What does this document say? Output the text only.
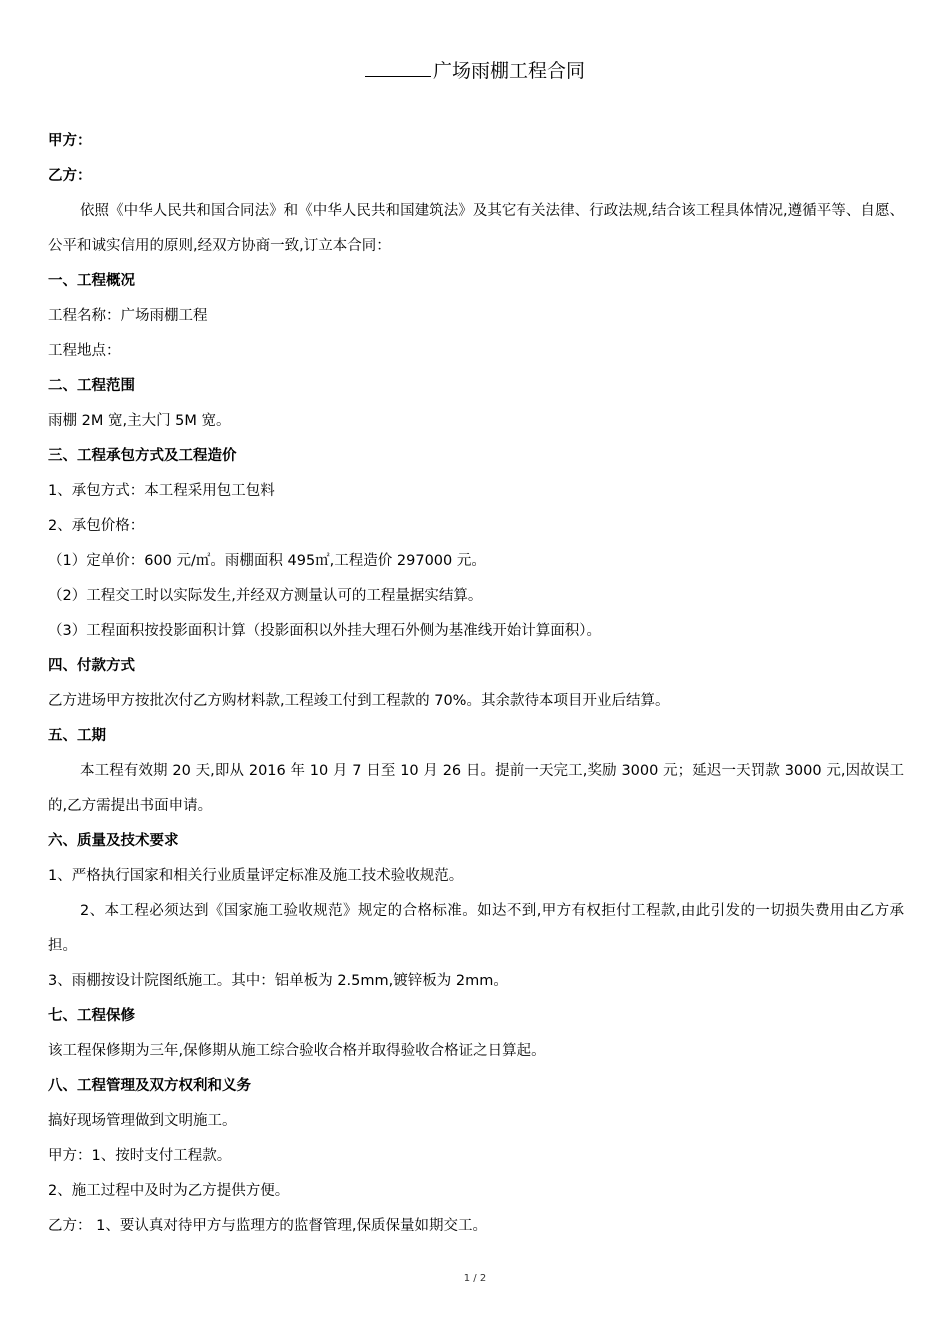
广场雨棚工程合同

甲方：

乙方：

依照《中华人民共和国合同法》和《中华人民共和国建筑法》及其它有关法律、行政法规,结合该工程具体情况,遵循平等、自愿、公平和诚实信用的原则,经双方协商一致,订立本合同：

一、工程概况

工程名称：广场雨棚工程

工程地点：

二、工程范围

雨棚 2M 宽,主大门 5M 宽。

三、工程承包方式及工程造价

1、承包方式：本工程采用包工包料

2、承包价格：

（1）定单价：600 元/㎡。雨棚面积 495㎡,工程造价 297000 元。

（2）工程交工时以实际发生,并经双方测量认可的工程量据实结算。

（3）工程面积按投影面积计算（投影面积以外挂大理石外侧为基准线开始计算面积）。

四、付款方式

乙方进场甲方按批次付乙方购材料款,工程竣工付到工程款的 70%。其余款待本项目开业后结算。

五、工期

本工程有效期 20 天,即从 2016 年 10 月 7 日至 10 月 26 日。提前一天完工,奖励 3000 元；延迟一天罚款 3000 元,因故误工的,乙方需提出书面申请。

六、质量及技术要求

1、严格执行国家和相关行业质量评定标准及施工技术验收规范。

2、本工程必须达到《国家施工验收规范》规定的合格标准。如达不到,甲方有权拒付工程款,由此引发的一切损失费用由乙方承担。

3、雨棚按设计院图纸施工。其中：铝单板为 2.5mm,镀锌板为 2mm。

七、工程保修

该工程保修期为三年,保修期从施工综合验收合格并取得验收合格证之日算起。

八、工程管理及双方权利和义务

搞好现场管理做到文明施工。

甲方：1、按时支付工程款。

2、施工过程中及时为乙方提供方便。

乙方： 1、要认真对待甲方与监理方的监督管理,保质保量如期交工。

1 / 2
